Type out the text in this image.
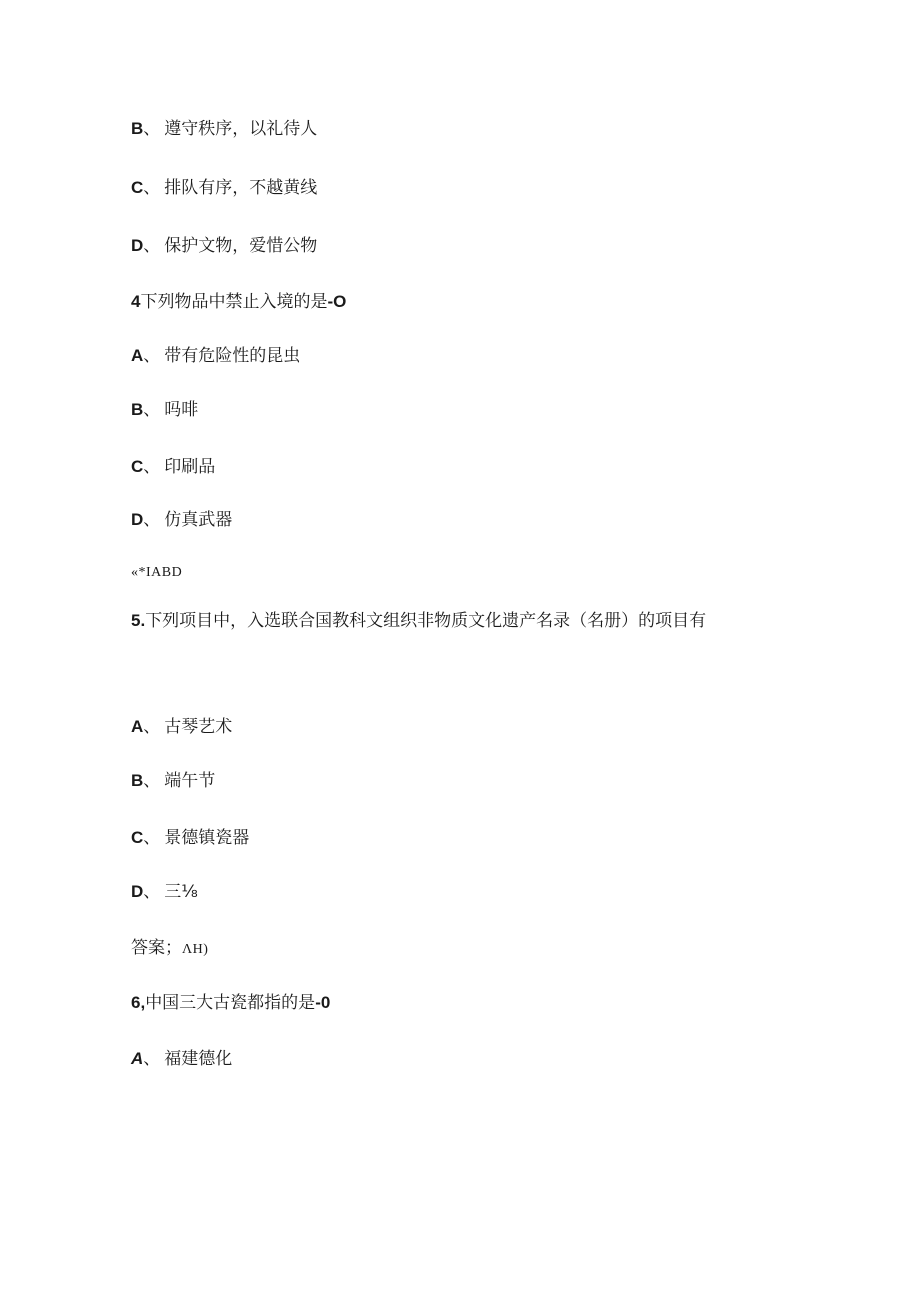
B、 遵守秩序，以礼待人
C、 排队有序，不越黄线
D、 保护文物，爱惜公物
4下列物品中禁止入境的是-O
A、 带有危险性的昆虫
B、 吗啡
C、 印刷品
D、 仿真武器
«*IABD
5.下列项目中，入选联合国教科文组织非物质文化遗产名录（名册）的项目有
A、 古琴艺术
B、 端午节
C、 景德镇瓷器
D、 三⅛
答案；ΛH)
6,中国三大古瓷都指的是-0
A、 福建德化
